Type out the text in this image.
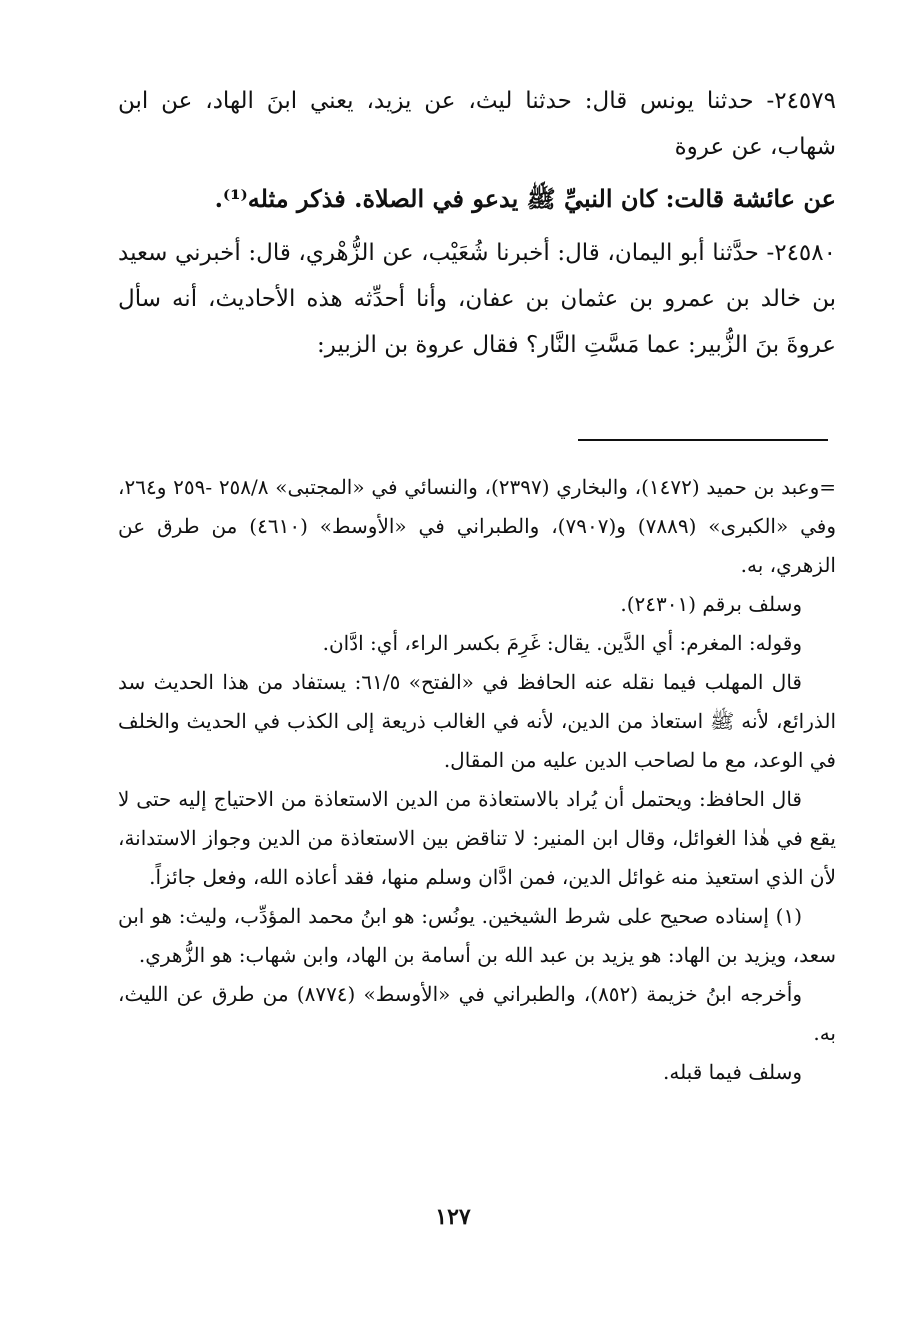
٢٤٥٧٩- حدثنا يونس قال: حدثنا ليث، عن يزيد، يعني ابنَ الهاد، عن ابن شهاب، عن عروة

عن عائشة قالت: كان النبيِّ ﷺ يدعو في الصلاة. فذكر مثله⁽¹⁾.

٢٤٥٨٠- حدَّثنا أبو اليمان، قال: أخبرنا شُعَيْب، عن الزُّهْري، قال: أخبرني سعيد بن خالد بن عمرو بن عثمان بن عفان، وأنا أحدِّثه هذه الأحاديث، أنه سأل عروةَ بنَ الزُّبير: عما مَسَّتِ النَّار؟ فقال عروة بن الزبير:

=وعبد بن حميد (١٤٧٢)، والبخاري (٢٣٩٧)، والنسائي في «المجتبى» ٢٥٨/٨ -٢٥٩ و٢٦٤، وفي «الكبرى» (٧٨٨٩) و(٧٩٠٧)، والطبراني في «الأوسط» (٤٦١٠) من طرق عن الزهري، به.

وسلف برقم (٢٤٣٠١).

وقوله: المغرم: أي الدَّين. يقال: غَرِمَ بكسر الراء، أي: ادَّان.

قال المهلب فيما نقله عنه الحافظ في «الفتح» ٦١/٥: يستفاد من هذا الحديث سد الذرائع، لأنه ﷺ استعاذ من الدين، لأنه في الغالب ذريعة إلى الكذب في الحديث والخلف في الوعد، مع ما لصاحب الدين عليه من المقال.

قال الحافظ: ويحتمل أن يُراد بالاستعاذة من الدين الاستعاذة من الاحتياج إليه حتى لا يقع في هٰذا الغوائل، وقال ابن المنير: لا تناقض بين الاستعاذة من الدين وجواز الاستدانة، لأن الذي استعيذ منه غوائل الدين، فمن ادَّان وسلم منها، فقد أعاذه الله، وفعل جائزاً.

(١) إسناده صحيح على شرط الشيخين. يونُس: هو ابنُ محمد المؤدِّب، وليث: هو ابن سعد، ويزيد بن الهاد: هو يزيد بن عبد الله بن أسامة بن الهاد، وابن شهاب: هو الزُّهري.

وأخرجه ابنُ خزيمة (٨٥٢)، والطبراني في «الأوسط» (٨٧٧٤) من طرق عن الليث، به.

وسلف فيما قبله.

١٢٧
